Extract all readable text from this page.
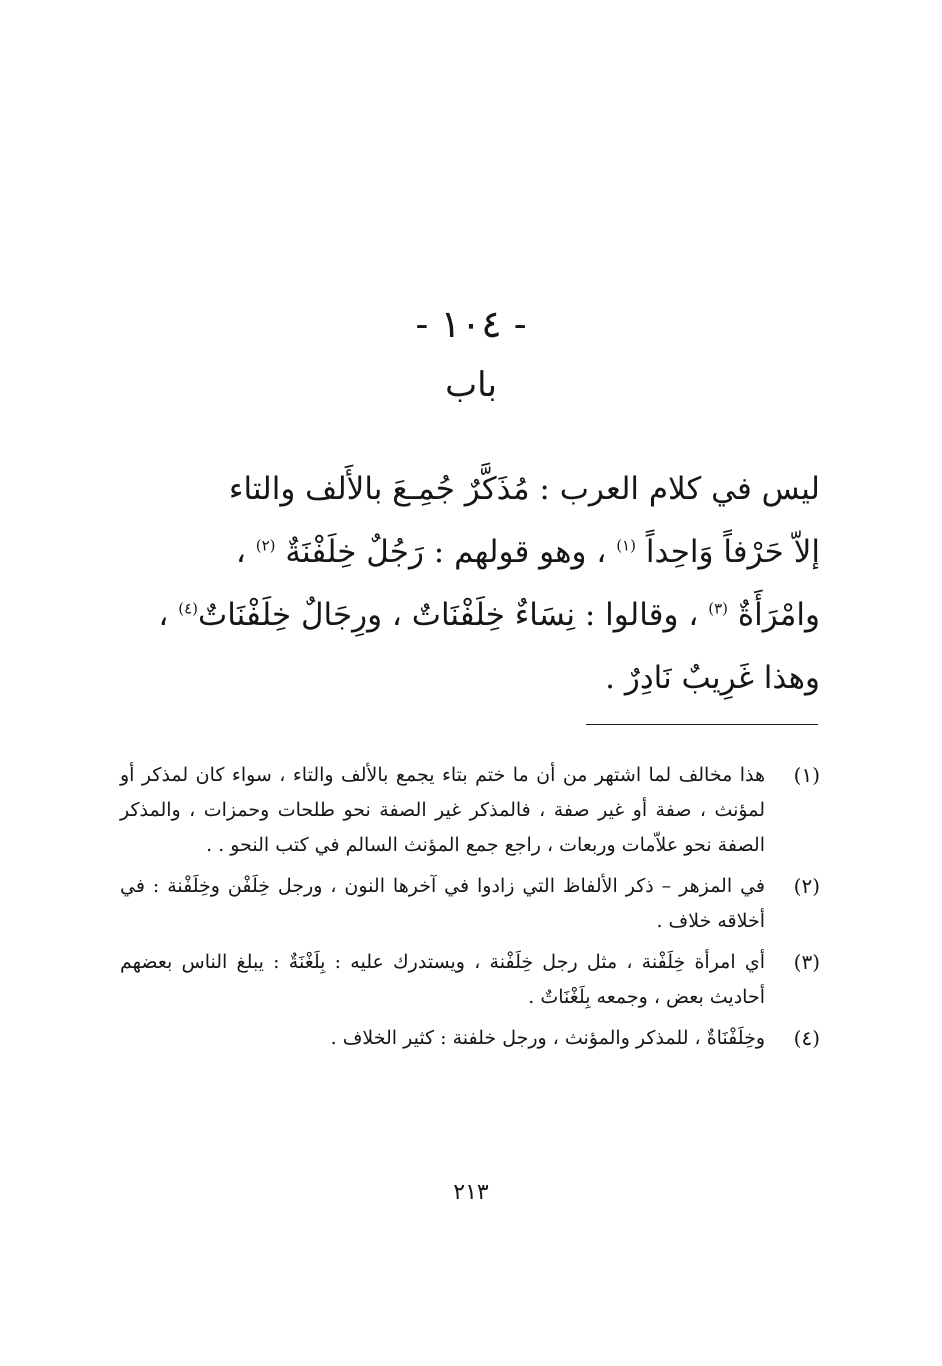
- ١٠٤ -
باب
ليس في كلام العرب : مُذَكَّرٌ جُمِـعَ بالأَلف والتاء
إلاّ حَرْفاً وَاحِداً $^{(١)}$ ، وهو قولهم : رَجُلٌ خِلَفْنَةٌ $^{(٢)}$ ،
وامْرَأَةٌ $^{(٣)}$ ، وقالوا : نِسَاءٌ خِلَفْنَاتٌ ، ورِجَالٌ خِلَفْنَاتٌ$^{(٤)}$ ،
وهذا غَرِيبٌ نَادِرٌ .
(١)
هذا مخالف لما اشتهر من أن ما ختم بتاء يجمع بالألف والتاء ، سواء كان لمذكر أو لمؤنث ، صفة أو غير صفة ، فالمذكر غير الصفة نحو طلحات وحمزات ، والمذكر الصفة نحو علاّمات وربعات ، راجع جمع المؤنث السالم في كتب النحو . .
(٢)
في المزهر – ذكر الألفاظ التي زادوا في آخرها النون ، ورجل خِلَفْن وخِلَفْنة : في أخلاقه خلاف .
(٣)
أي امرأة خِلَفْنة ، مثل رجل خِلَفْنة ، ويستدرك عليه : بِلَغْنَةٌ : يبلغ الناس بعضهم أحاديث بعض ، وجمعه بِلَغْنَاتٌ .
(٤)
وخِلَفْنَاةٌ ، للمذكر والمؤنث ، ورجل خلفنة : كثير الخلاف .
٢١٣
